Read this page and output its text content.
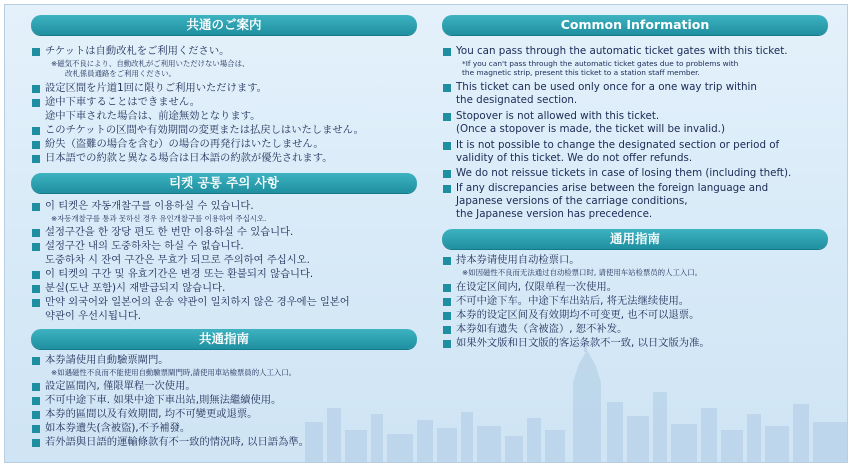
共通のご案内
チケットは自動改札をご利用ください。
※磁気不良により、自動改札がご利用いただけない場合は、
改札係員通路をご利用ください。
設定区間を片道1回に限りご利用いただけます。
途中下車することはできません。
途中下車された場合は、前途無効となります。
このチケットの区間や有効期間の変更または払戻しはいたしません。
紛失（盗難の場合を含む）の場合の再発行はいたしません。
日本語での約款と異なる場合は日本語の約款が優先されます。
티켓 공통 주의 사항
이 티켓은 자동개찰구를 이용하실 수 있습니다.
※자동개찰구를 통과 못하신 경우 유인개찰구를 이용하여 주십시오.
설정구간을 한 장당 편도 한 번만 이용하실 수 있습니다.
설정구간 내의 도중하차는 하실 수 없습니다.
도중하차 시 잔여 구간은 무효가 되므로 주의하여 주십시오.
이 티켓의 구간 및 유효기간은 변경 또는 환불되지 않습니다.
분실(도난 포함)시 재발급되지 않습니다.
만약 외국어와 일본어의 운송 약관이 일치하지 않은 경우에는 일본어
약관이 우선시됩니다.
共通指南
本券請使用自動驗票閘門。
※如遇磁性不良而不能使用自動驗票閘門時,請使用車站檢票員的人工入口。
設定區間內, 僅限單程一次使用。
不可中途下車. 如果中途下車出站,則無法繼續使用。
本券的區間以及有效期間, 均不可變更或退票。
如本券遺失(含被盜),不予補發。
若外語與日語的運輸條款有不一致的情況時, 以日語為準。
Common Information
You can pass through the automatic ticket gates with this ticket.
*If you can't pass through the automatic ticket gates due to problems with
the magnetic strip, present this ticket to a station staff member.
This ticket can be used only once for a one way trip within
the designated section.
Stopover is not allowed with this ticket.
(Once a stopover is made, the ticket will be invalid.)
It is not possible to change the designated section or period of
validity of this ticket. We do not offer refunds.
We do not reissue tickets in case of losing them (including theft).
If any discrepancies arise between the foreign language and
Japanese versions of the carriage conditions,
the Japanese version has precedence.
通用指南
持本券请使用自动检票口。
※如因磁性不良而无法通过自动检票口时, 请使用车站检票员的人工入口。
在设定区间内, 仅限单程一次使用。
不可中途下车。中途下车出站后, 将无法继续使用。
本券的设定区间及有效期均不可变更, 也不可以退票。
本券如有遗失（含被盗）, 恕不补发。
如果外文版和日文版的客运条款不一致, 以日文版为准。
